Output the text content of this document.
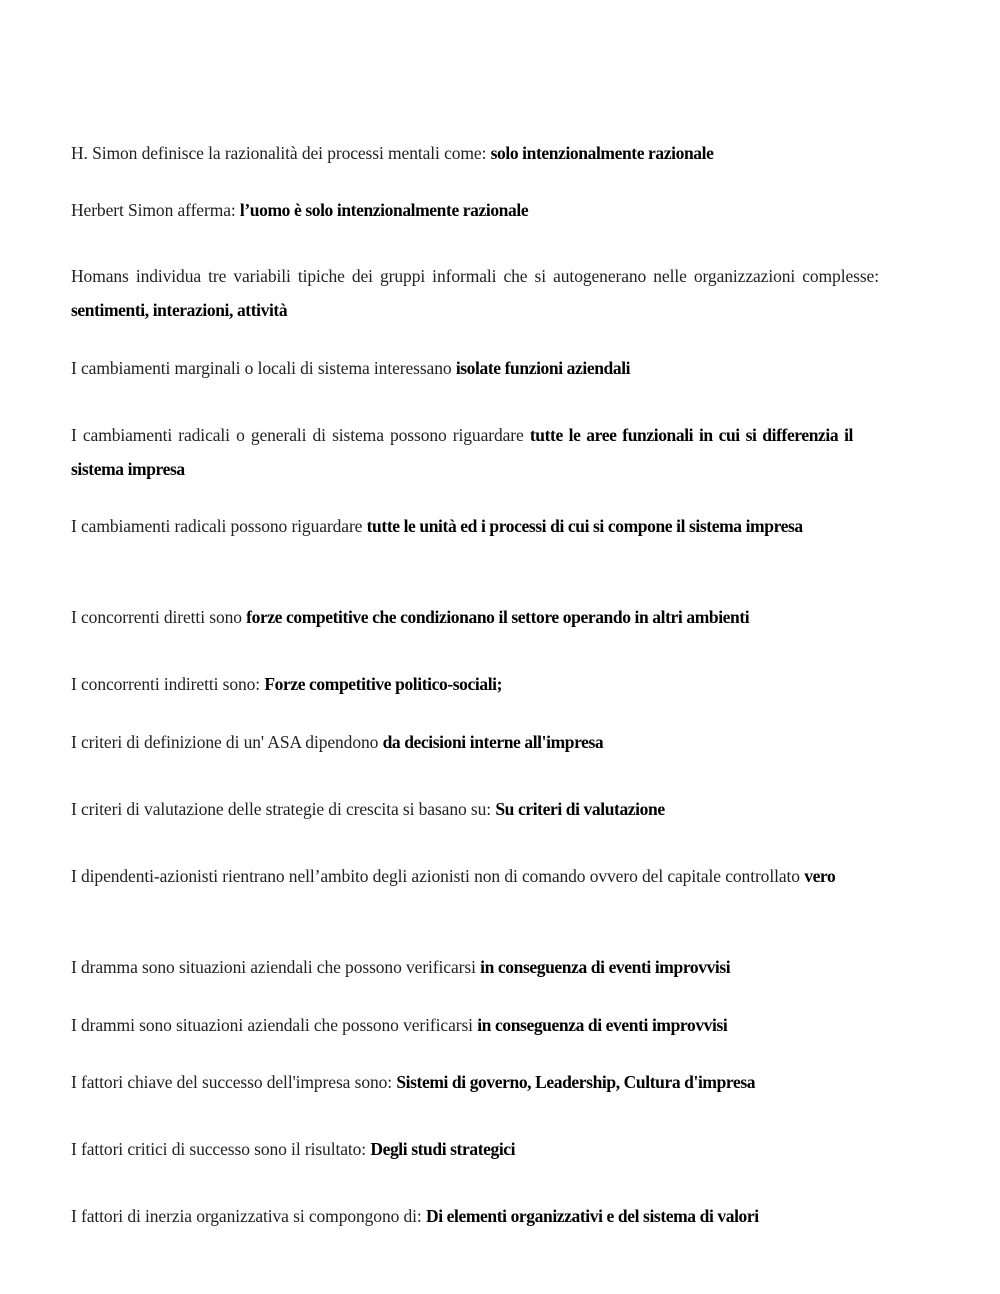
H. Simon definisce la razionalità dei processi mentali come: solo intenzionalmente razionale

Herbert Simon afferma: l’uomo è solo intenzionalmente razionale

Homans individua tre variabili tipiche dei gruppi informali che si autogenerano nelle organizzazioni complesse: sentimenti, interazioni, attività

I cambiamenti marginali o locali di sistema interessano isolate funzioni aziendali

I cambiamenti radicali o generali di sistema possono riguardare tutte le aree funzionali in cui si differenzia il sistema impresa

I cambiamenti radicali possono riguardare tutte le unità ed i processi di cui si compone il sistema impresa

I concorrenti diretti sono forze competitive che condizionano il settore operando in altri ambienti

I concorrenti indiretti sono: Forze competitive politico-sociali;

I criteri di definizione di un' ASA dipendono da decisioni interne all'impresa

I criteri di valutazione delle strategie di crescita si basano su: Su criteri di valutazione

I dipendenti-azionisti rientrano nell’ambito degli azionisti non di comando ovvero del capitale controllato vero

I dramma sono situazioni aziendali che possono verificarsi in conseguenza di eventi improvvisi

I drammi sono situazioni aziendali che possono verificarsi in conseguenza di eventi improvvisi

I fattori chiave del successo dell'impresa sono: Sistemi di governo, Leadership, Cultura d'impresa

I fattori critici di successo sono il risultato: Degli studi strategici

I fattori di inerzia organizzativa si compongono di: Di elementi organizzativi e del sistema di valori
